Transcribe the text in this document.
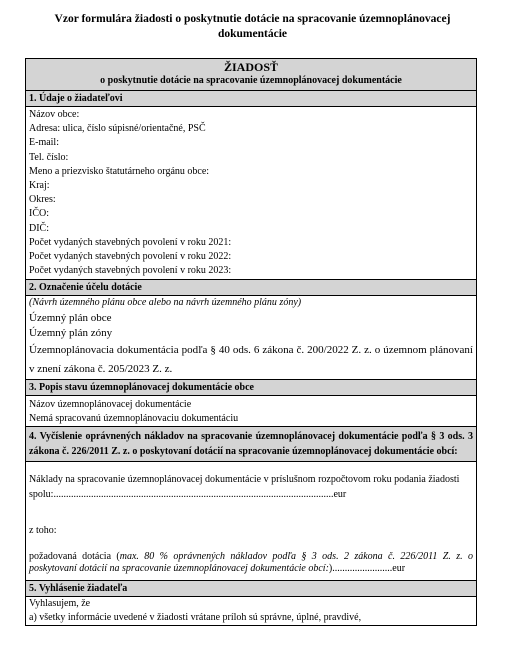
Vzor formulára žiadosti o poskytnutie dotácie na spracovanie územnoplánovacej
dokumentácie
ŽIADOSŤ
o poskytnutie dotácie na spracovanie územnoplánovacej dokumentácie
1. Údaje o žiadateľovi
Názov obce:
Adresa: ulica, číslo súpisné/orientačné, PSČ
E-mail:
Tel. číslo:
Meno a priezvisko štatutárneho orgánu obce:
Kraj:
Okres:
IČO:
DIČ:
Počet vydaných stavebných povolení v roku 2021:
Počet vydaných stavebných povolení v roku 2022:
Počet vydaných stavebných povolení v roku 2023:
2. Označenie účelu dotácie
(Návrh územného plánu obce alebo na návrh územného plánu zóny)
Územný plán obce
Územný plán zóny
Územnoplánovacia dokumentácia podľa § 40 ods. 6 zákona č. 200/2022 Z. z. o územnom plánovaní v znení zákona č. 205/2023 Z. z.
3. Popis stavu územnoplánovacej dokumentácie obce
Názov územnoplánovacej dokumentácie
Nemá spracovanú územnoplánovaciu dokumentáciu
4. Vyčíslenie oprávnených nákladov na spracovanie územnoplánovacej dokumentácie podľa § 3 ods. 3 zákona č. 226/2011 Z. z. o poskytovaní dotácií na spracovanie územnoplánovacej dokumentácie obcí:
Náklady na spracovanie územnoplánovacej dokumentácie v príslušnom rozpočtovom roku podania žiadosti
spolu:................................................................................................................eur
z toho:
požadovaná dotácia (max. 80 % oprávnených nákladov podľa § 3 ods. 2 zákona č. 226/2011 Z. z. o poskytovaní dotácií na spracovanie územnoplánovacej dokumentácie obcí:)........................eur
5. Vyhlásenie žiadateľa
Vyhlasujem, že
a) všetky informácie uvedené v žiadosti vrátane príloh sú správne, úplné, pravdivé,
